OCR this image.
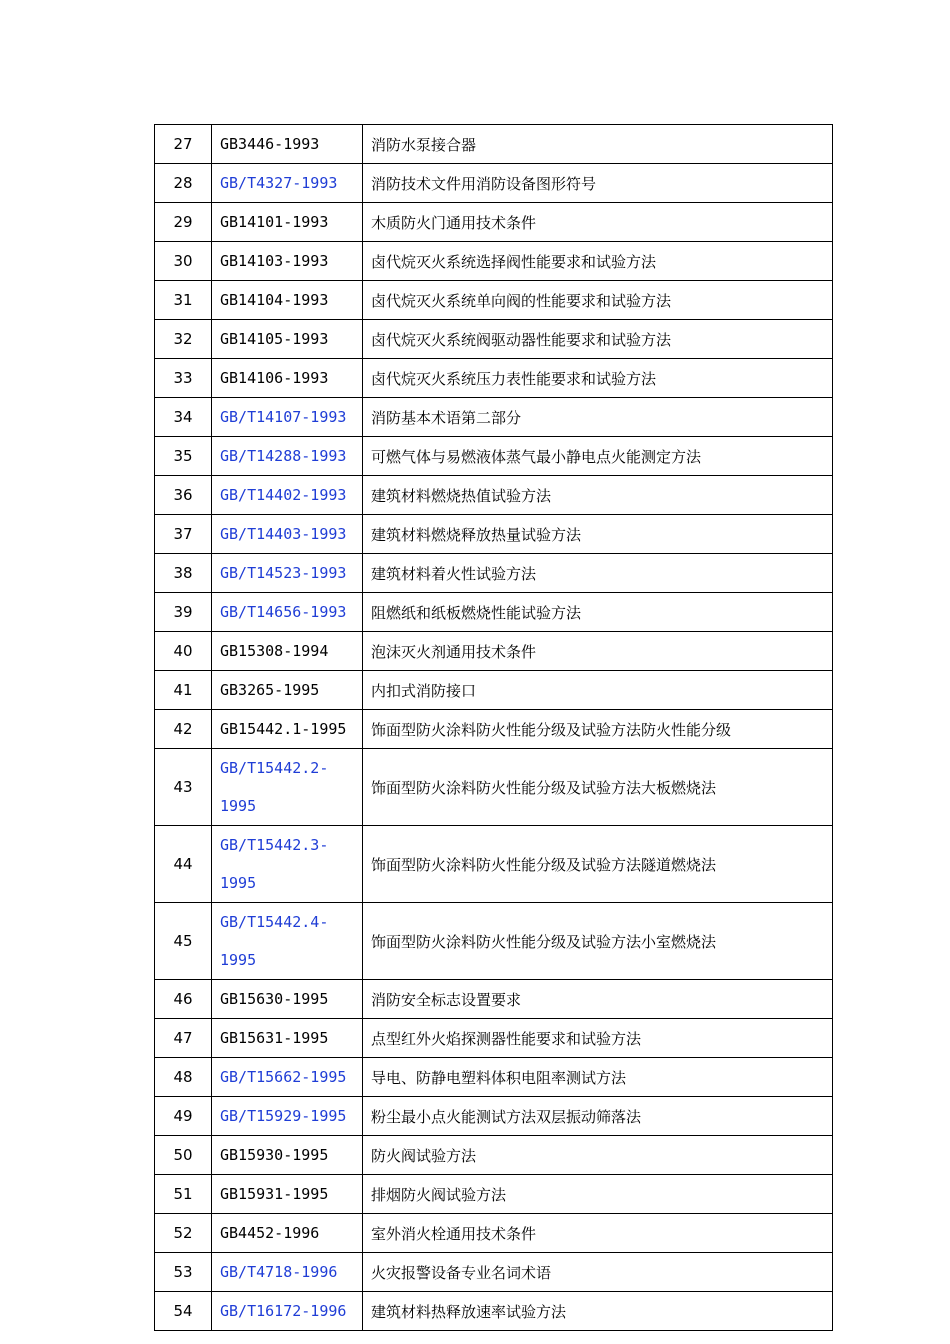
27	GB3446-1993	消防水泵接合器
28	GB/T4327-1993	消防技术文件用消防设备图形符号
29	GB14101-1993	木质防火门通用技术条件
30	GB14103-1993	卤代烷灭火系统选择阀性能要求和试验方法
31	GB14104-1993	卤代烷灭火系统单向阀的性能要求和试验方法
32	GB14105-1993	卤代烷灭火系统阀驱动器性能要求和试验方法
33	GB14106-1993	卤代烷灭火系统压力表性能要求和试验方法
34	GB/T14107-1993	消防基本术语第二部分
35	GB/T14288-1993	可燃气体与易燃液体蒸气最小静电点火能测定方法
36	GB/T14402-1993	建筑材料燃烧热值试验方法
37	GB/T14403-1993	建筑材料燃烧释放热量试验方法
38	GB/T14523-1993	建筑材料着火性试验方法
39	GB/T14656-1993	阻燃纸和纸板燃烧性能试验方法
40	GB15308-1994	泡沫灭火剂通用技术条件
41	GB3265-1995	内扣式消防接口
42	GB15442.1-1995	饰面型防火涂料防火性能分级及试验方法防火性能分级
43	GB/T15442.2-1995	饰面型防火涂料防火性能分级及试验方法大板燃烧法
44	GB/T15442.3-1995	饰面型防火涂料防火性能分级及试验方法隧道燃烧法
45	GB/T15442.4-1995	饰面型防火涂料防火性能分级及试验方法小室燃烧法
46	GB15630-1995	消防安全标志设置要求
47	GB15631-1995	点型红外火焰探测器性能要求和试验方法
48	GB/T15662-1995	导电、防静电塑料体积电阻率测试方法
49	GB/T15929-1995	粉尘最小点火能测试方法双层振动筛落法
50	GB15930-1995	防火阀试验方法
51	GB15931-1995	排烟防火阀试验方法
52	GB4452-1996	室外消火栓通用技术条件
53	GB/T4718-1996	火灾报警设备专业名词术语
54	GB/T16172-1996	建筑材料热释放速率试验方法
